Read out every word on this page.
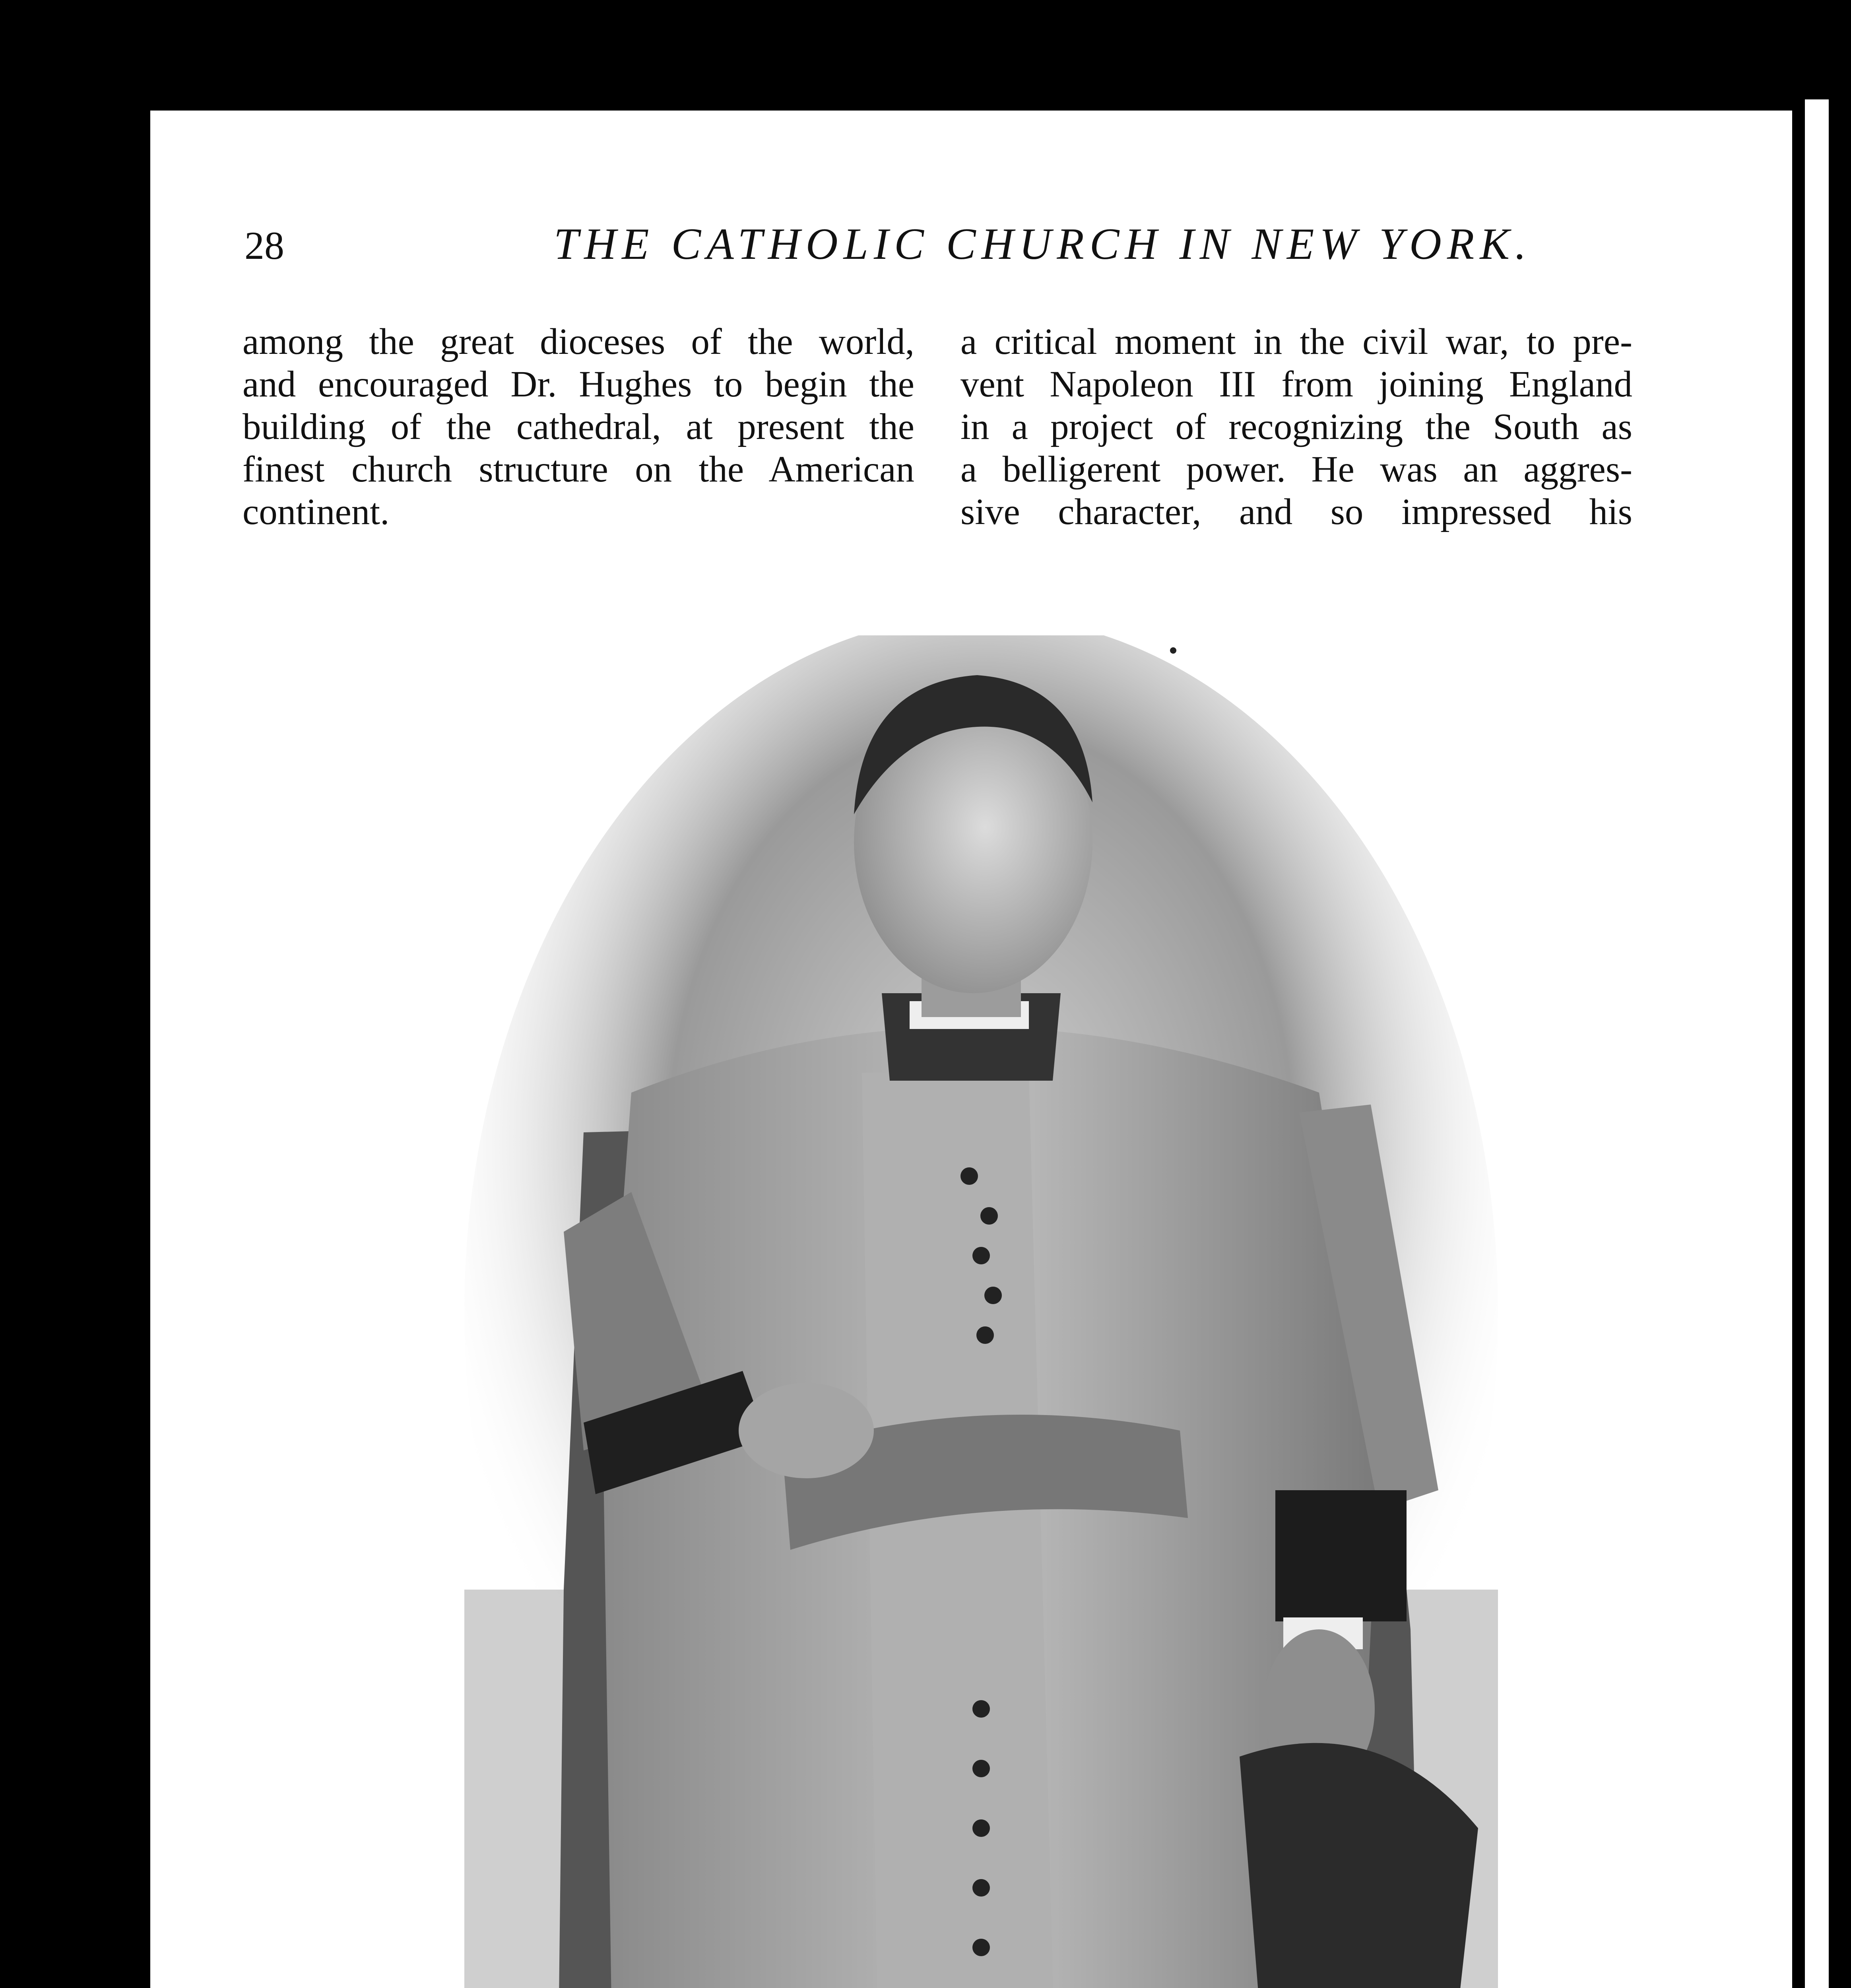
28	THE CATHOLIC CHURCH IN NEW YORK.

among the great dioceses of the world,

and encouraged Dr. Hughes to begin the

building of the cathedral, at present the

finest church structure on the American

continent.

a critical moment in the civil war, to pre-

vent Napoleon III from joining England

in a project of recognizing the South as

a belligerent power. He was an aggres-

sive character, and so impressed his
